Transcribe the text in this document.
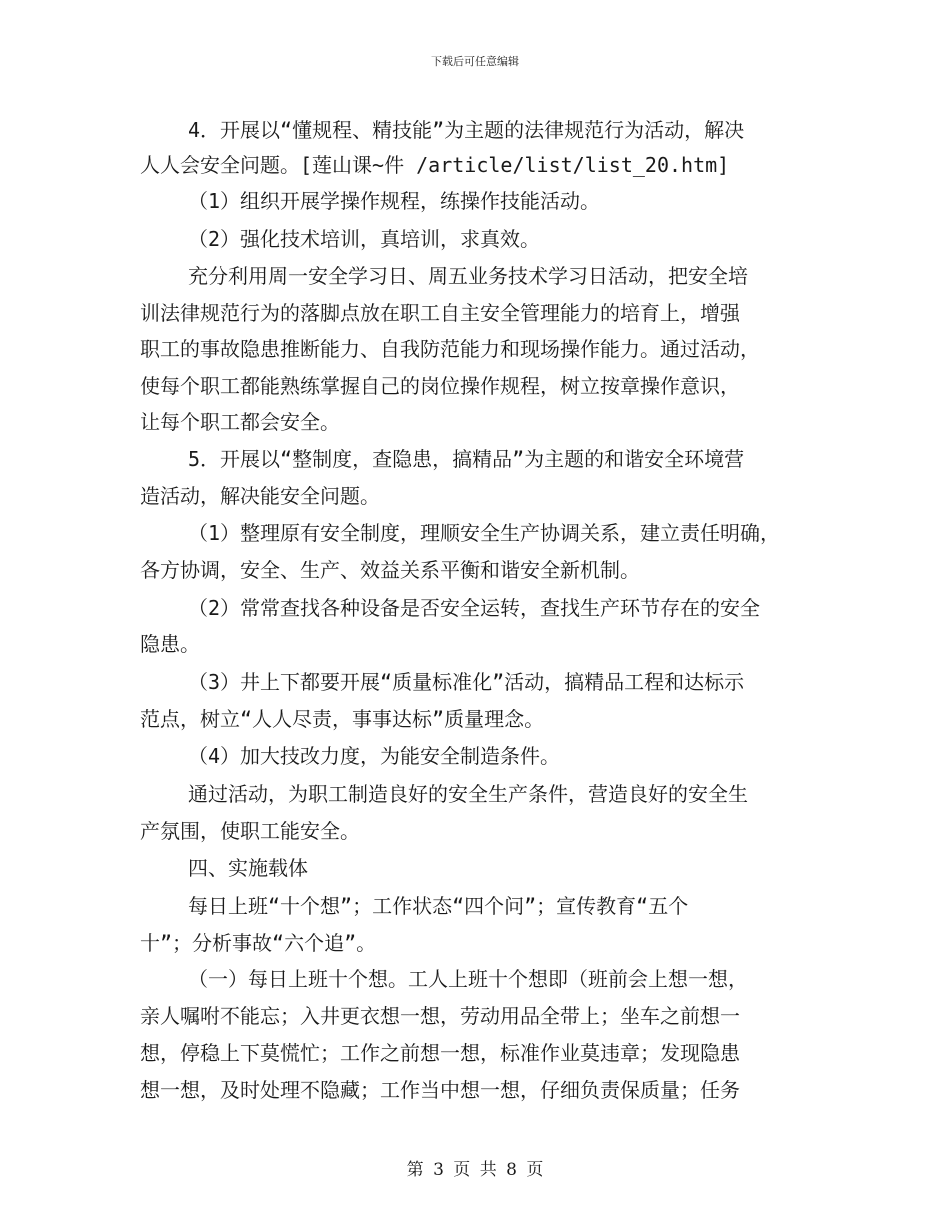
下载后可任意编辑
4．开展以“懂规程、精技能”为主题的法律规范行为活动，解决
人人会安全问题。[莲山课~件 /article/list/list_20.htm]
（1）组织开展学操作规程，练操作技能活动。
（2）强化技术培训，真培训，求真效。
充分利用周一安全学习日、周五业务技术学习日活动，把安全培
训法律规范行为的落脚点放在职工自主安全管理能力的培育上，增强
职工的事故隐患推断能力、自我防范能力和现场操作能力。通过活动，
使每个职工都能熟练掌握自己的岗位操作规程，树立按章操作意识，
让每个职工都会安全。
5．开展以“整制度，查隐患，搞精品”为主题的和谐安全环境营
造活动，解决能安全问题。
（1）整理原有安全制度，理顺安全生产协调关系，建立责任明确，
各方协调，安全、生产、效益关系平衡和谐安全新机制。
（2）常常查找各种设备是否安全运转，查找生产环节存在的安全
隐患。
（3）井上下都要开展“质量标准化”活动，搞精品工程和达标示
范点，树立“人人尽责，事事达标”质量理念。
（4）加大技改力度，为能安全制造条件。
通过活动，为职工制造良好的安全生产条件，营造良好的安全生
产氛围，使职工能安全。
四、实施载体
每日上班“十个想”；工作状态“四个问”；宣传教育“五个
十”；分析事故“六个追”。
（一）每日上班十个想。工人上班十个想即（班前会上想一想，
亲人嘱咐不能忘；入井更衣想一想，劳动用品全带上；坐车之前想一
想，停稳上下莫慌忙；工作之前想一想，标准作业莫违章；发现隐患
想一想，及时处理不隐藏；工作当中想一想，仔细负责保质量；任务
第 3 页 共 8 页
